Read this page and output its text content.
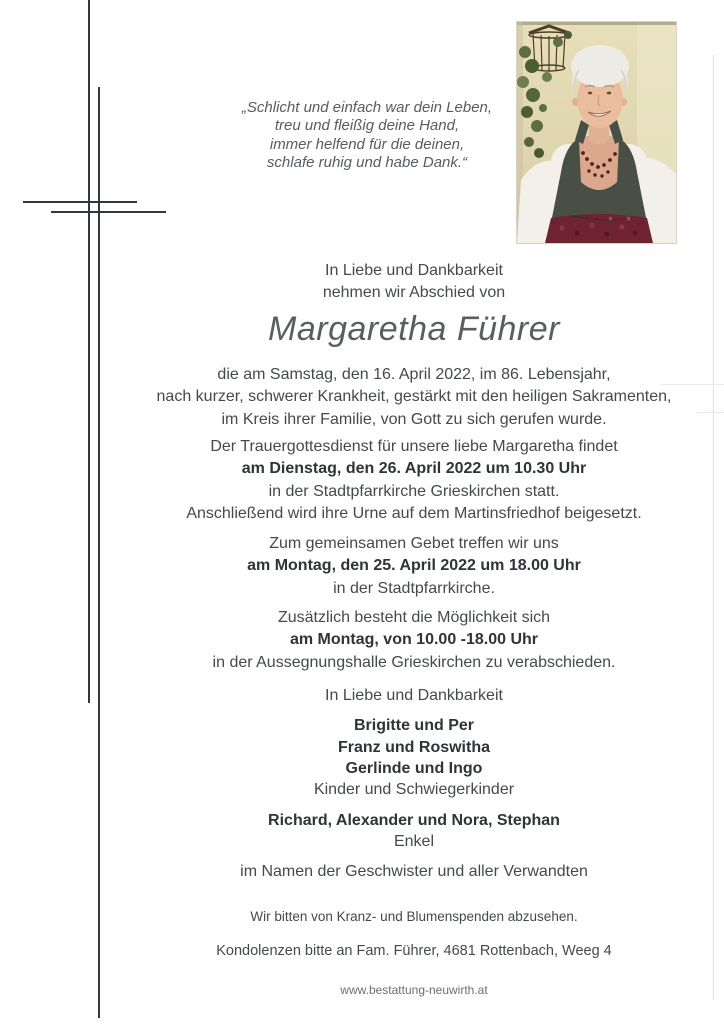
„Schlicht und einfach war dein Leben,
treu und fleißig deine Hand,
immer helfend für die deinen,
schlafe ruhig und habe Dank.“
In Liebe und Dankbarkeit
nehmen wir Abschied von
Margaretha Führer
die am Samstag, den 16. April 2022, im 86. Lebensjahr,
nach kurzer, schwerer Krankheit, gestärkt mit den heiligen Sakramenten,
im Kreis ihrer Familie, von Gott zu sich gerufen wurde.
Der Trauergottesdienst für unsere liebe Margaretha findet
am Dienstag, den 26. April 2022 um 10.30 Uhr
in der Stadtpfarrkirche Grieskirchen statt.
Anschließend wird ihre Urne auf dem Martinsfriedhof beigesetzt.
Zum gemeinsamen Gebet treffen wir uns
am Montag, den 25. April 2022 um 18.00 Uhr
in der Stadtpfarrkirche.
Zusätzlich besteht die Möglichkeit sich
am Montag, von 10.00 -18.00 Uhr
in der Aussegnungshalle Grieskirchen zu verabschieden.
In Liebe und Dankbarkeit
Brigitte und Per
Franz und Roswitha
Gerlinde und Ingo
Kinder und Schwiegerkinder
Richard, Alexander und Nora, Stephan
Enkel
im Namen der Geschwister und aller Verwandten
Wir bitten von Kranz- und Blumenspenden abzusehen.
Kondolenzen bitte an Fam. Führer, 4681 Rottenbach, Weeg 4
www.bestattung-neuwirth.at
